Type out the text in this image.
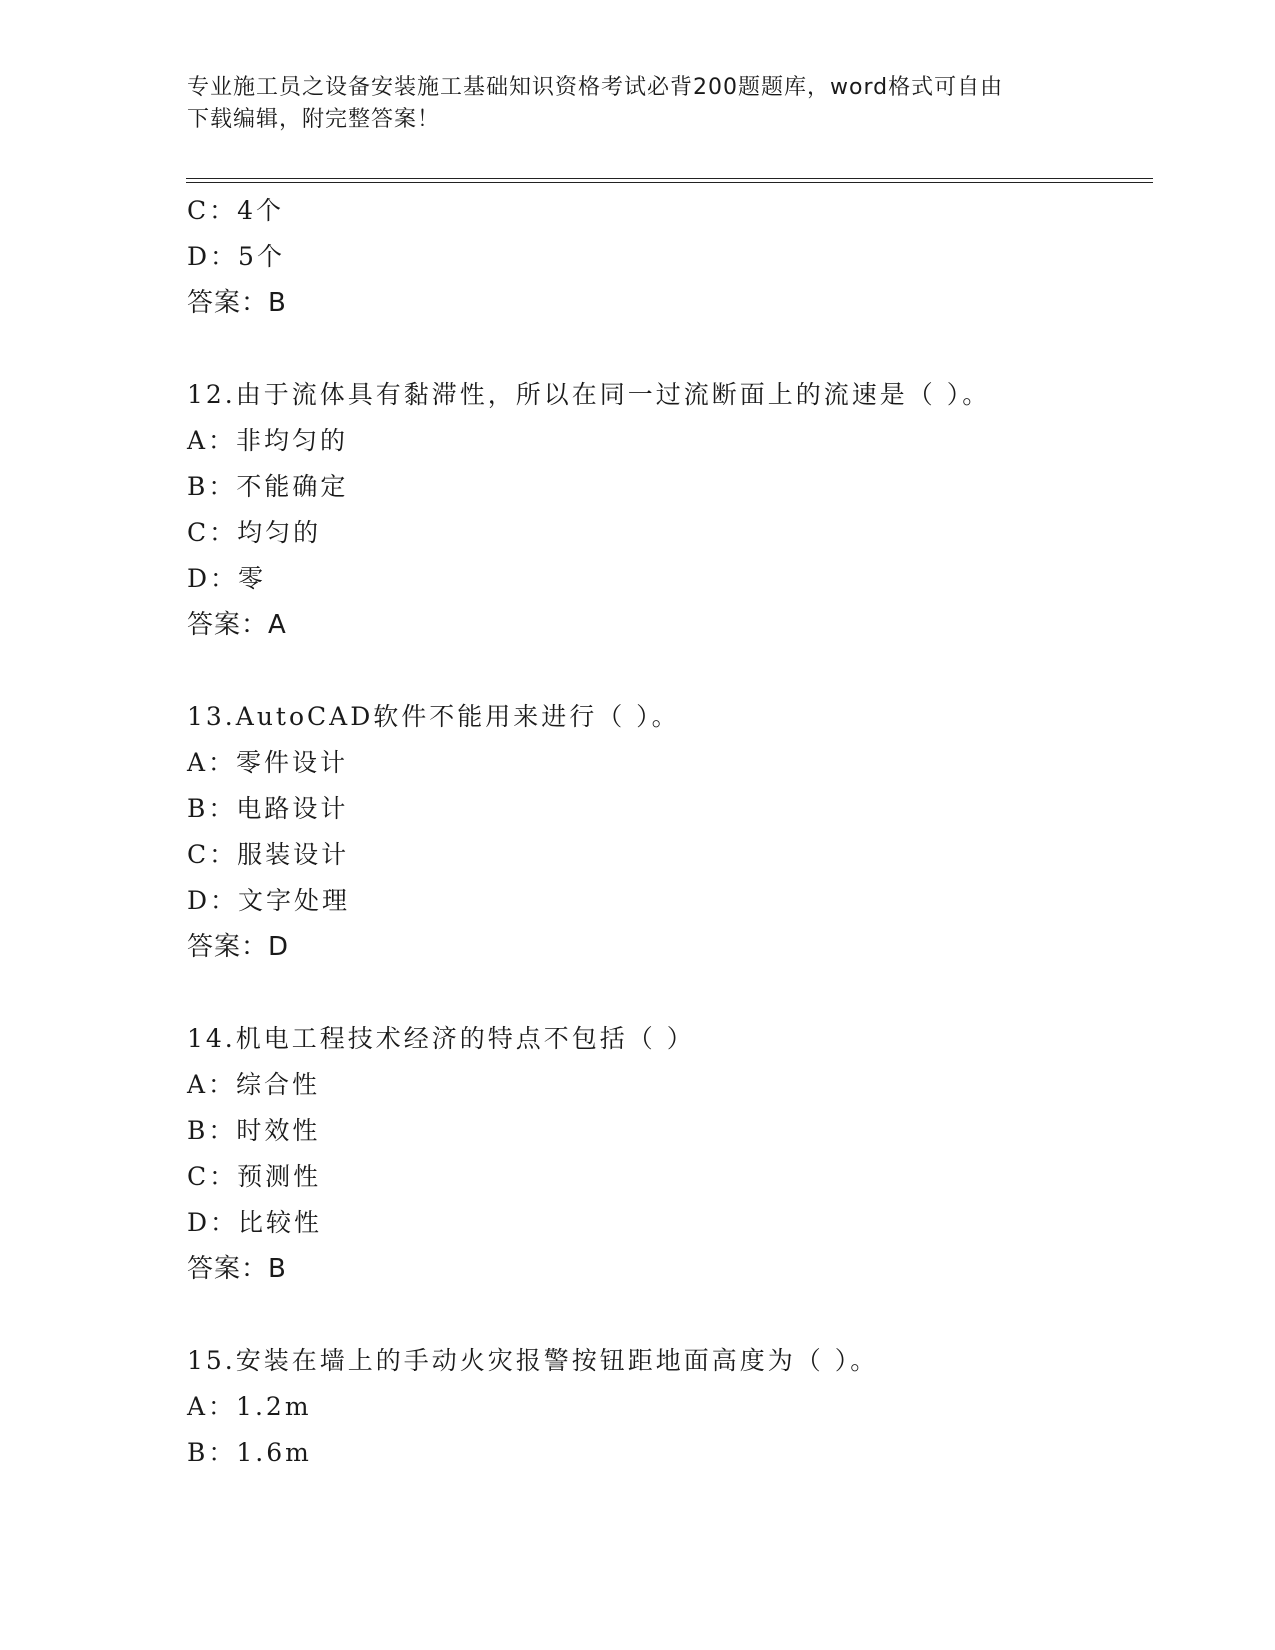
专业施工员之设备安装施工基础知识资格考试必背200题题库，word格式可自由
下载编辑，附完整答案！
C：4个
D：5个
答案：B
12.由于流体具有黏滞性，所以在同一过流断面上的流速是（ ）。
A：非均匀的
B：不能确定
C：均匀的
D：零
答案：A
13.AutoCAD软件不能用来进行（ ）。
A：零件设计
B：电路设计
C：服装设计
D：文字处理
答案：D
14.机电工程技术经济的特点不包括（ ）
A：综合性
B：时效性
C：预测性
D：比较性
答案：B
15.安装在墙上的手动火灾报警按钮距地面高度为（ ）。
A：1.2m
B：1.6m
